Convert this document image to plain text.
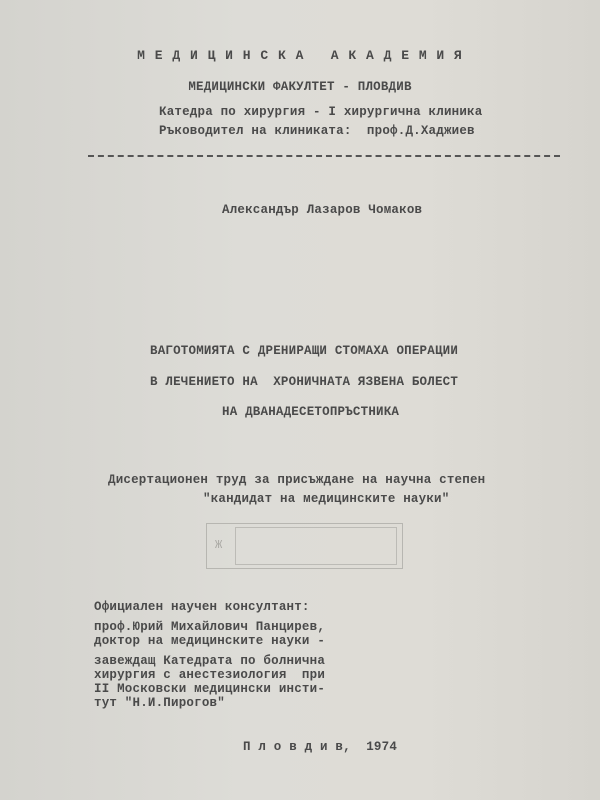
М Е Д И Ц И Н С К А   А К А Д Е М И Я
МЕДИЦИНСКИ ФАКУЛТЕТ - ПЛОВДИВ
Катедра по хирургия - I хирургична клиника
Ръководител на клиниката:  проф.Д.Хаджиев
Александър Лазаров Чомаков
ВАГОТОМИЯТА С ДРЕНИРАЩИ СТОМАХА ОПЕРАЦИИ
В ЛЕЧЕНИЕТО НА  ХРОНИЧНАТА ЯЗВЕНА БОЛЕСТ
НА ДВАНАДЕСЕТОПРЪСТНИКА
Дисертационен труд за присъждане на научна степен
"кандидат на медицинските науки"
Ж
Официален научен консултант:
проф.Юрий Михайлович Панцирев,
доктор на медицинските науки -
завеждащ Катедрата по болнична
хирургия с анестезиология  при
II Московски медицински инсти-
тут "Н.И.Пирогов"
П л о в д и в,  1974
